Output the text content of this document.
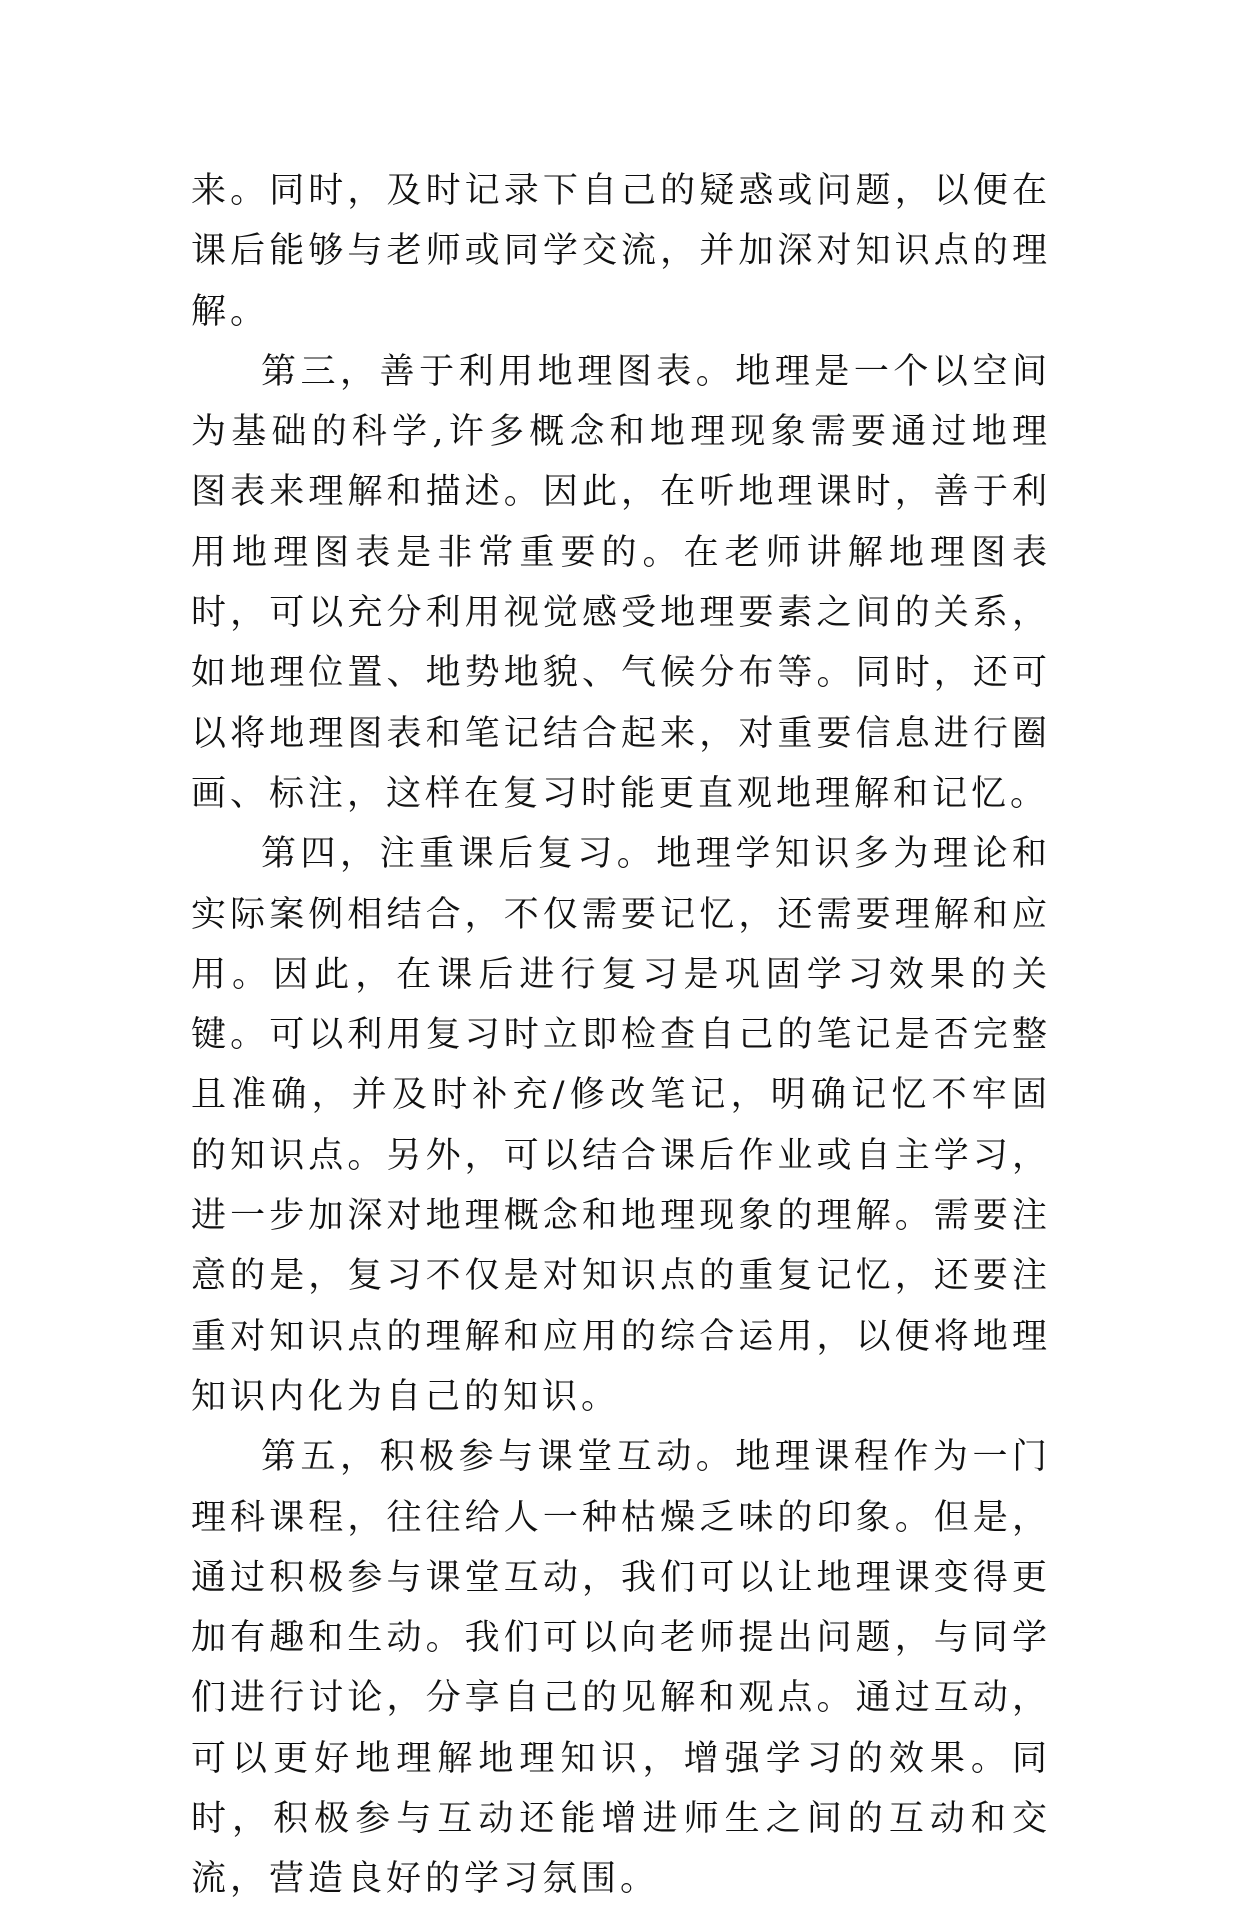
来。同时，及时记录下自己的疑惑或问题，以便在课后能够与老师或同学交流，并加深对知识点的理解。

第三，善于利用地理图表。地理是一个以空间为基础的科学,许多概念和地理现象需要通过地理图表来理解和描述。因此，在听地理课时，善于利用地理图表是非常重要的。在老师讲解地理图表时，可以充分利用视觉感受地理要素之间的关系，如地理位置、地势地貌、气候分布等。同时，还可以将地理图表和笔记结合起来，对重要信息进行圈画、标注，这样在复习时能更直观地理解和记忆。

第四，注重课后复习。地理学知识多为理论和实际案例相结合，不仅需要记忆，还需要理解和应用。因此，在课后进行复习是巩固学习效果的关键。可以利用复习时立即检查自己的笔记是否完整且准确，并及时补充/修改笔记，明确记忆不牢固的知识点。另外，可以结合课后作业或自主学习，进一步加深对地理概念和地理现象的理解。需要注意的是，复习不仅是对知识点的重复记忆，还要注重对知识点的理解和应用的综合运用，以便将地理知识内化为自己的知识。

第五，积极参与课堂互动。地理课程作为一门理科课程，往往给人一种枯燥乏味的印象。但是，通过积极参与课堂互动，我们可以让地理课变得更加有趣和生动。我们可以向老师提出问题，与同学们进行讨论，分享自己的见解和观点。通过互动，可以更好地理解地理知识，增强学习的效果。同时，积极参与互动还能增进师生之间的互动和交流，营造良好的学习氛围。
